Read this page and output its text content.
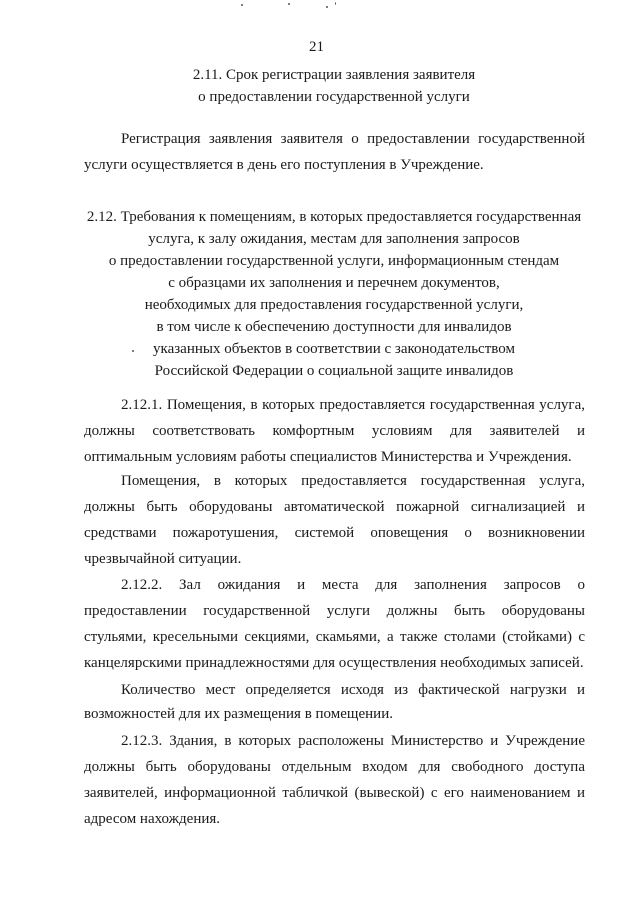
21
2.11. Срок регистрации заявления заявителя
о предоставлении государственной услуги

Регистрация заявления заявителя о предоставлении государственной услуги осуществляется в день его поступления в Учреждение.

2.12. Требования к помещениям, в которых предоставляется государственная
услуга, к залу ожидания, местам для заполнения запросов
о предоставлении государственной услуги, информационным стендам
с образцами их заполнения и перечнем документов,
необходимых для предоставления государственной услуги,
в том числе к обеспечению доступности для инвалидов
указанных объектов в соответствии с законодательством
Российской Федерации о социальной защите инвалидов

2.12.1. Помещения, в которых предоставляется государственная услуга, должны соответствовать комфортным условиям для заявителей и оптимальным условиям работы специалистов Министерства и Учреждения.

Помещения, в которых предоставляется государственная услуга, должны быть оборудованы автоматической пожарной сигнализацией и средствами пожаротушения, системой оповещения о возникновении чрезвычайной ситуации.

2.12.2. Зал ожидания и места для заполнения запросов о предоставлении государственной услуги должны быть оборудованы стульями, кресельными секциями, скамьями, а также столами (стойками) с канцелярскими принадлежностями для осуществления необходимых записей.

Количество мест определяется исходя из фактической нагрузки и возможностей для их размещения в помещении.

2.12.3. Здания, в которых расположены Министерство и Учреждение должны быть оборудованы отдельным входом для свободного доступа заявителей, информационной табличкой (вывеской) с его наименованием и адресом нахождения.
